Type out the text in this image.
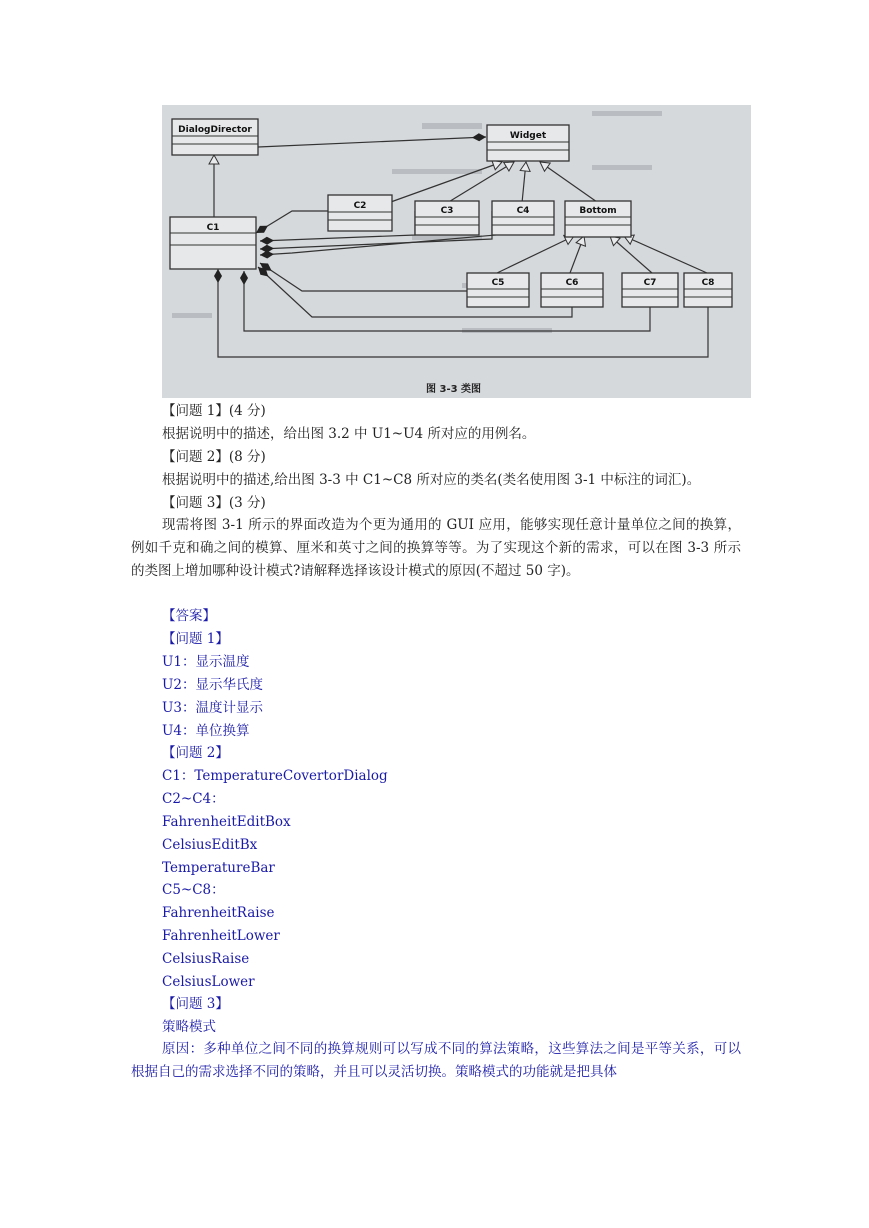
DialogDirector
Widget
C1
C2	C3	C4	Bottom
C5	C6	C7	C8
图 3-3 类图
【问题 1】(4 分)
根据说明中的描述，给出图 3.2 中 U1~U4 所对应的用例名。
【问题 2】(8 分)
根据说明中的描述,给出图 3-3 中 C1~C8 所对应的类名(类名使用图 3-1 中标注的词汇)。
【问题 3】(3 分)
现需将图 3-1 所示的界面改造为个更为通用的 GUI 应用，能够实现任意计量单位之间的换算，例如千克和确之间的模算、厘米和英寸之间的换算等等。为了实现这个新的需求，可以在图 3-3 所示的类图上增加哪种设计模式?请解释选择该设计模式的原因(不超过 50 字)。
【答案】
【问题 1】
U1：显示温度
U2：显示华氏度
U3：温度计显示
U4：单位换算
【问题 2】
C1：TemperatureCovertorDialog
C2~C4：
FahrenheitEditBox
CelsiusEditBx
TemperatureBar
C5~C8：
FahrenheitRaise
FahrenheitLower
CelsiusRaise
CelsiusLower
【问题 3】
策略模式
原因：多种单位之间不同的换算规则可以写成不同的算法策略，这些算法之间是平等关系，可以根据自己的需求选择不同的策略，并且可以灵活切换。策略模式的功能就是把具体
